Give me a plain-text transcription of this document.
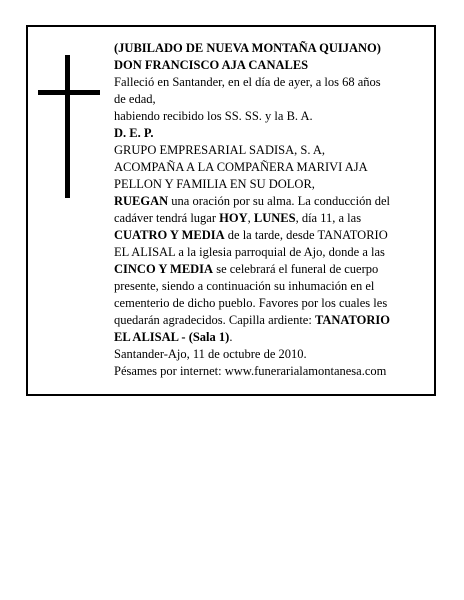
(JUBILADO DE NUEVA MONTAÑA QUIJANO)
DON FRANCISCO AJA CANALES
Falleció en Santander, en el día de ayer, a los 68 años
de edad,
habiendo recibido los SS. SS. y la B. A.
D. E. P.
GRUPO EMPRESARIAL SADISA, S. A,
ACOMPAÑA A LA COMPAÑERA MARIVI AJA
PELLON Y FAMILIA EN SU DOLOR,
RUEGAN una oración por su alma. La conducción del
cadáver tendrá lugar HOY, LUNES, día 11, a las
CUATRO Y MEDIA de la tarde, desde TANATORIO
EL ALISAL a la iglesia parroquial de Ajo, donde a las
CINCO Y MEDIA se celebrará el funeral de cuerpo
presente, siendo a continuación su inhumación en el
cementerio de dicho pueblo. Favores por los cuales les
quedarán agradecidos. Capilla ardiente: TANATORIO
EL ALISAL - (Sala 1).
Santander-Ajo, 11 de octubre de 2010.
Pésames por internet: www.funerarialamontanesa.com
